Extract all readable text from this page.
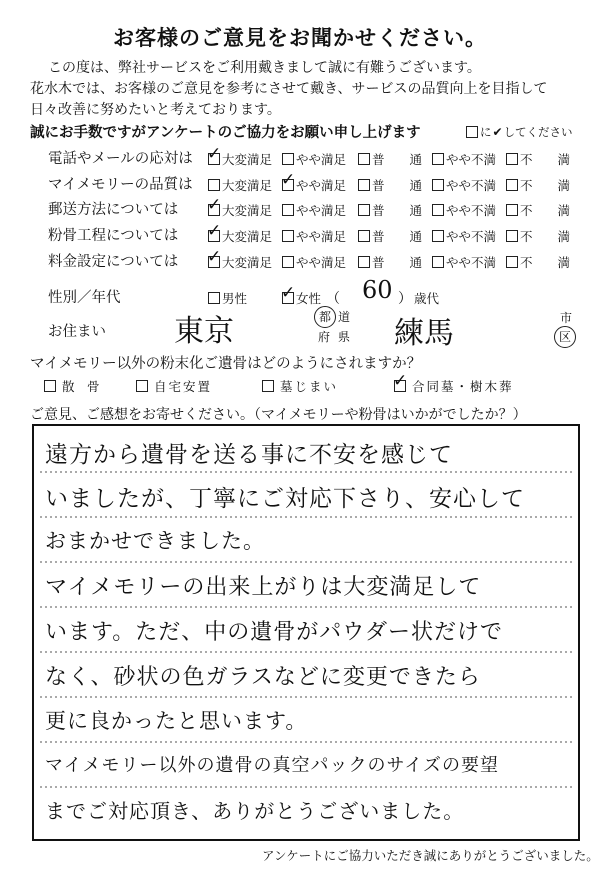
お客様のご意見をお聞かせください。
この度は、弊社サービスをご利用戴きまして誠に有難うございます。
花水木では、お客様のご意見を参考にさせて戴き、サービスの品質向上を目指して
日々改善に努めたいと考えております。
誠にお手数ですがアンケートのご協力をお願い申し上げます	に ✔ してください
電話やメールの応対は ✓ 大変満足 やや満足 普　　通 やや不満 不　　満
マイメモリーの品質は 大変満足 ✓ やや満足 普　　通 やや不満 不　　満
郵送方法については ✓ 大変満足 やや満足 普　　通 やや不満 不　　満
粉骨工程については ✓ 大変満足 やや満足 普　　通 やや不満 不　　満
料金設定については ✓ 大変満足 やや満足 普　　通 やや不満 不　　満
性別／年代	男性 ✓ 女性 （ 60 ） 歳代
お住まい 東京	都 道
府 県 練馬	市
区
マイメモリー以外の粉末化ご遺骨はどのようにされますか？
散　骨	自宅安置	墓じまい	✓ 合同墓・樹木葬
ご意見、ご感想をお寄せください。（マイメモリーや粉骨はいかがでしたか？）
遠方から遺骨を送る事に不安を感じて
いましたが、丁寧にご対応下さり、安心して
おまかせできました。
マイメモリーの出来上がりは大変満足して
います。ただ、中の遺骨がパウダー状だけで
なく、砂状の色ガラスなどに変更できたら
更に良かったと思います。
マイメモリー以外の遺骨の真空パックのサイズの要望
までご対応頂き、ありがとうございました。
アンケートにご協力いただき誠にありがとうございました。
